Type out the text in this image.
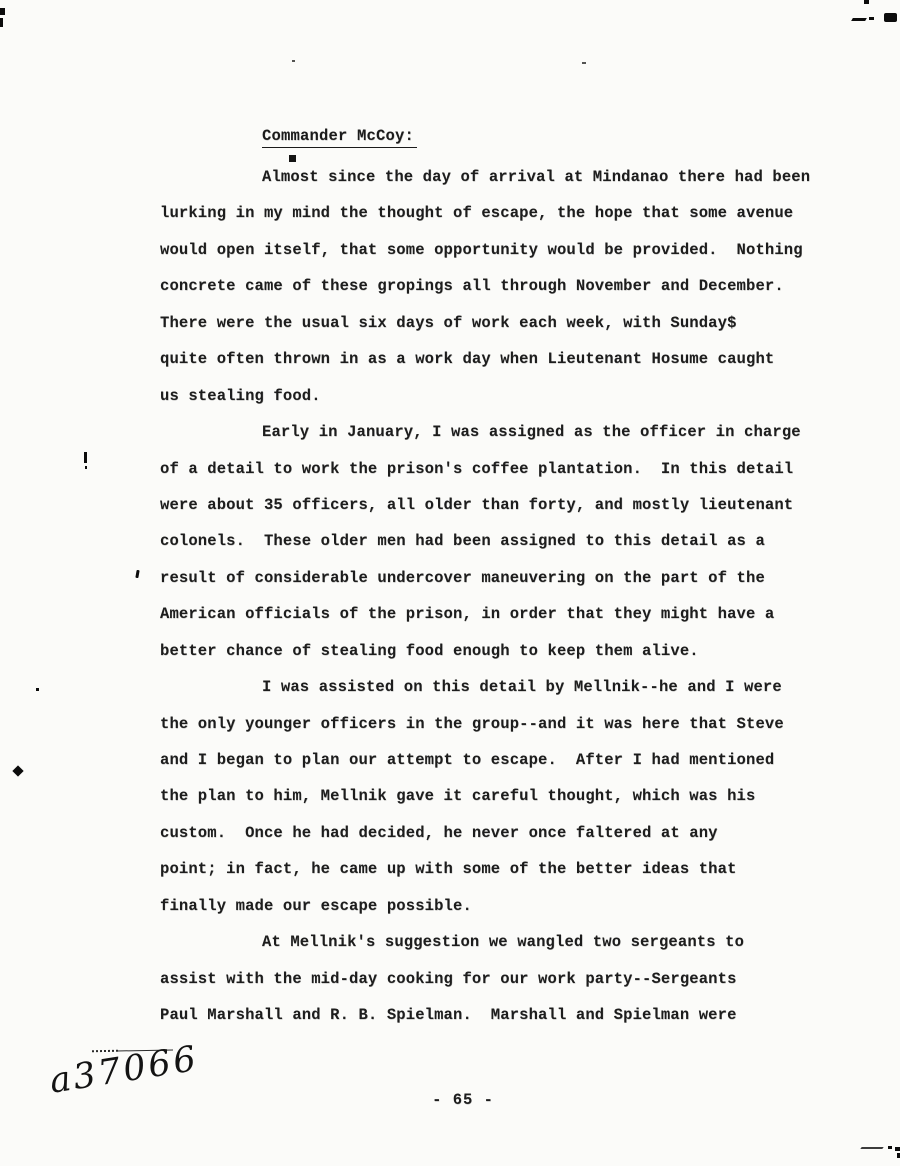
Commander McCoy:
Almost since the day of arrival at Mindanao there had been
lurking in my mind the thought of escape, the hope that some avenue
would open itself, that some opportunity would be provided.  Nothing
concrete came of these gropings all through November and December.
There were the usual six days of work each week, with Sunday$
quite often thrown in as a work day when Lieutenant Hosume caught
us stealing food.
Early in January, I was assigned as the officer in charge
of a detail to work the prison's coffee plantation.  In this detail
were about 35 officers, all older than forty, and mostly lieutenant
colonels.  These older men had been assigned to this detail as a
result of considerable undercover maneuvering on the part of the
American officials of the prison, in order that they might have a
better chance of stealing food enough to keep them alive.
I was assisted on this detail by Mellnik--he and I were
the only younger officers in the group--and it was here that Steve
and I began to plan our attempt to escape.  After I had mentioned
the plan to him, Mellnik gave it careful thought, which was his
custom.  Once he had decided, he never once faltered at any
point; in fact, he came up with some of the better ideas that
finally made our escape possible.
At Mellnik's suggestion we wangled two sergeants to
assist with the mid-day cooking for our work party--Sergeants
Paul Marshall and R. B. Spielman.  Marshall and Spielman were
a37066	- 65 -
